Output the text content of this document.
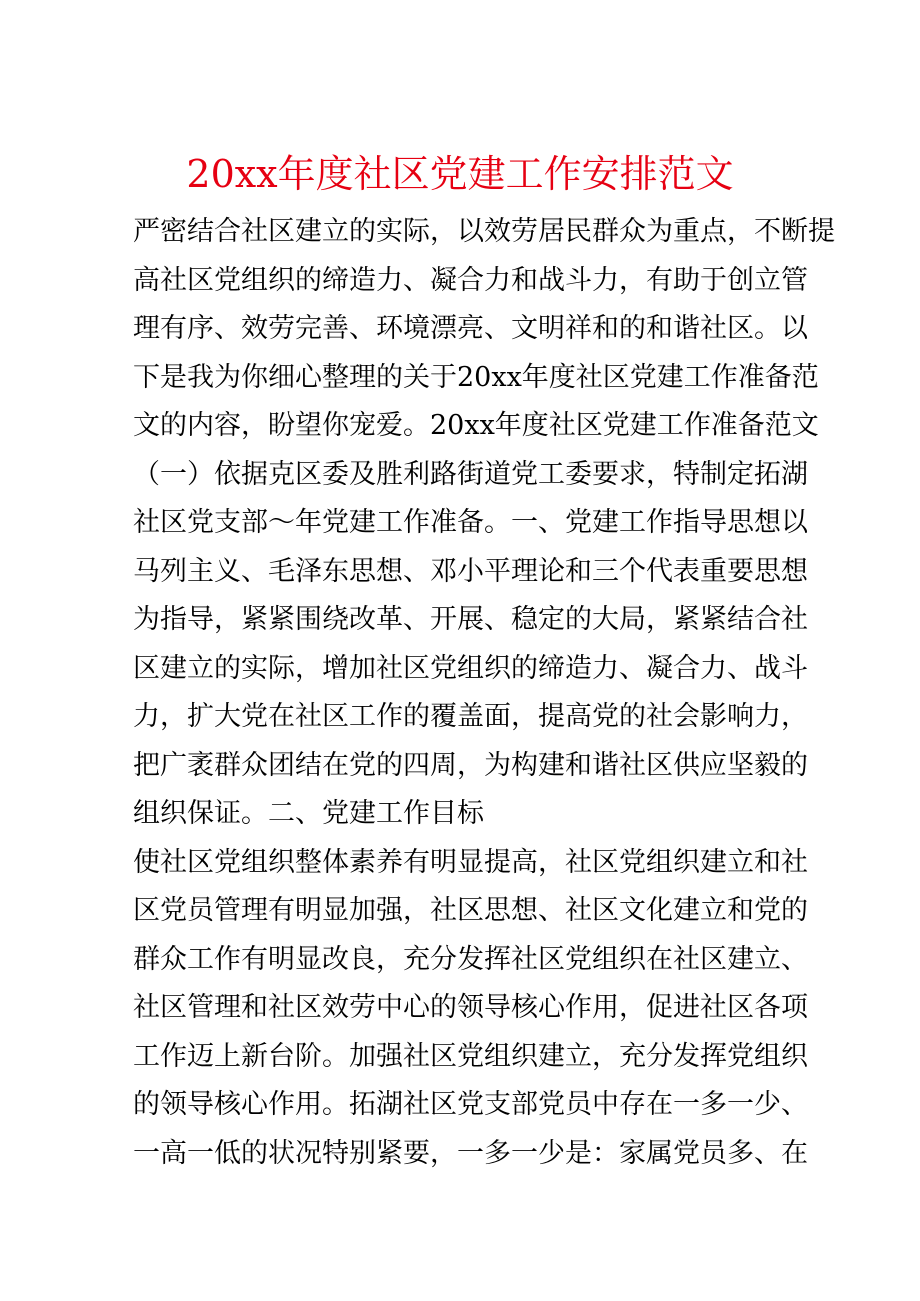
20xx年度社区党建工作安排范文
严密结合社区建立的实际，以效劳居民群众为重点，不断提
高社区党组织的缔造力、凝合力和战斗力，有助于创立管
理有序、效劳完善、环境漂亮、文明祥和的和谐社区。以
下是我为你细心整理的关于20xx年度社区党建工作准备范
文的内容，盼望你宠爱。20xx年度社区党建工作准备范文
（一）依据克区委及胜利路街道党工委要求，特制定拓湖
社区党支部～年党建工作准备。一、党建工作指导思想以
马列主义、毛泽东思想、邓小平理论和三个代表重要思想
为指导，紧紧围绕改革、开展、稳定的大局，紧紧结合社
区建立的实际，增加社区党组织的缔造力、凝合力、战斗
力，扩大党在社区工作的覆盖面，提高党的社会影响力，
把广袤群众团结在党的四周，为构建和谐社区供应坚毅的
组织保证。二、党建工作目标
使社区党组织整体素养有明显提高，社区党组织建立和社
区党员管理有明显加强，社区思想、社区文化建立和党的
群众工作有明显改良，充分发挥社区党组织在社区建立、
社区管理和社区效劳中心的领导核心作用，促进社区各项
工作迈上新台阶。加强社区党组织建立，充分发挥党组织
的领导核心作用。拓湖社区党支部党员中存在一多一少、
一高一低的状况特别紧要，一多一少是：家属党员多、在
